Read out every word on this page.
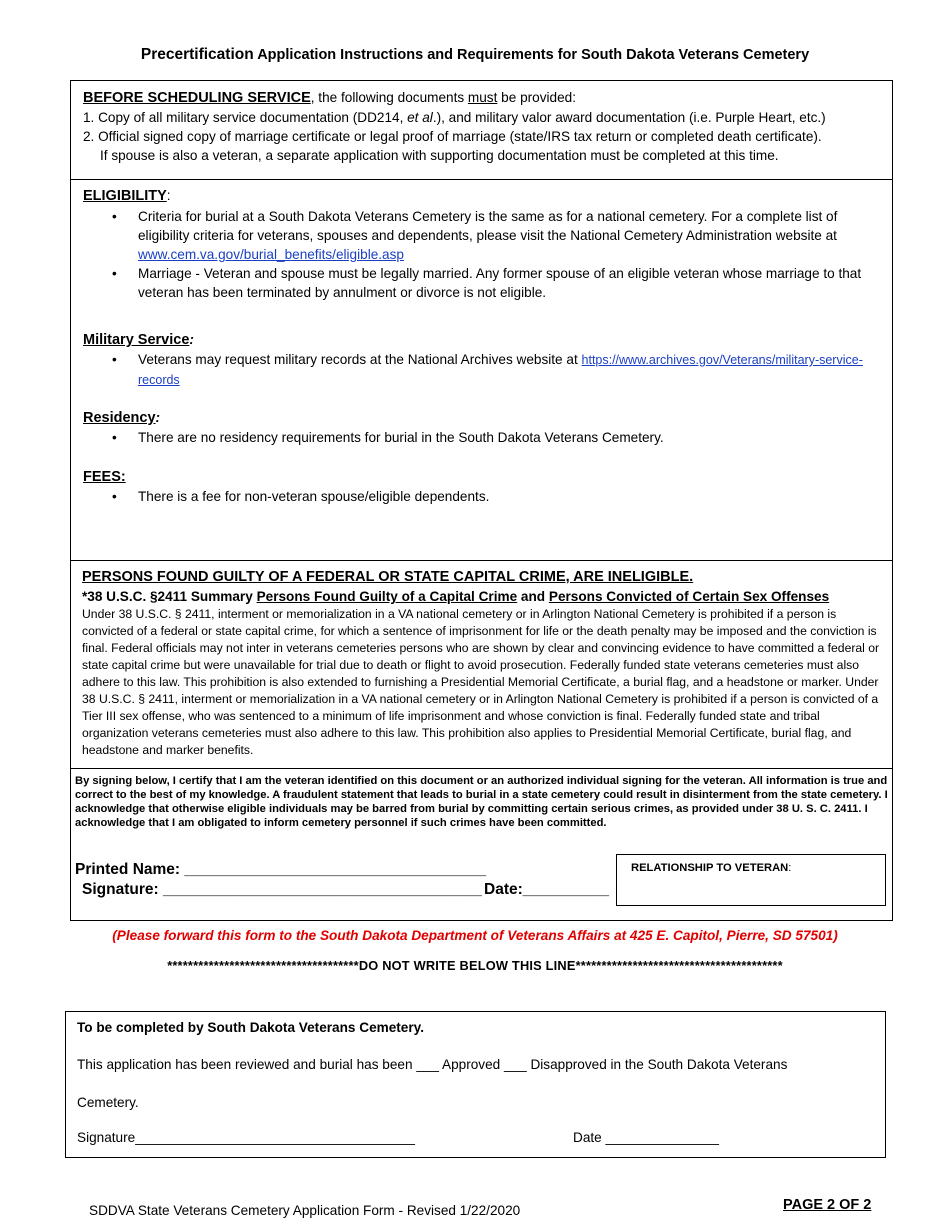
Precertification Application Instructions and Requirements for South Dakota Veterans Cemetery
BEFORE SCHEDULING SERVICE, the following documents must be provided:
1. Copy of all military service documentation (DD214, et al.), and military valor award documentation (i.e. Purple Heart, etc.)
2. Official signed copy of marriage certificate or legal proof of marriage (state/IRS tax return or completed death certificate).
If spouse is also a veteran, a separate application with supporting documentation must be completed at this time.
ELIGIBILITY:
• Criteria for burial at a South Dakota Veterans Cemetery is the same as for a national cemetery. For a complete list of eligibility criteria for veterans, spouses and dependents, please visit the National Cemetery Administration website at
www.cem.va.gov/burial_benefits/eligible.asp
• Marriage - Veteran and spouse must be legally married. Any former spouse of an eligible veteran whose marriage to that veteran has been terminated by annulment or divorce is not eligible.
Military Service:
• Veterans may request military records at the National Archives website at https://www.archives.gov/Veterans/military-service-records
Residency:
• There are no residency requirements for burial in the South Dakota Veterans Cemetery.
FEES:
• There is a fee for non-veteran spouse/eligible dependents.
PERSONS FOUND GUILTY OF A FEDERAL OR STATE CAPITAL CRIME, ARE INELIGIBLE.
*38 U.S.C. §2411 Summary Persons Found Guilty of a Capital Crime and Persons Convicted of Certain Sex Offenses
Under 38 U.S.C. § 2411, interment or memorialization in a VA national cemetery or in Arlington National Cemetery is prohibited if a person is convicted of a federal or state capital crime, for which a sentence of imprisonment for life or the death penalty may be imposed and the conviction is final. Federal officials may not inter in veterans cemeteries persons who are shown by clear and convincing evidence to have committed a federal or state capital crime but were unavailable for trial due to death or flight to avoid prosecution. Federally funded state veterans cemeteries must also adhere to this law. This prohibition is also extended to furnishing a Presidential Memorial Certificate, a burial flag, and a headstone or marker. Under 38 U.S.C. § 2411, interment or memorialization in a VA national cemetery or in Arlington National Cemetery is prohibited if a person is convicted of a Tier III sex offense, who was sentenced to a minimum of life imprisonment and whose conviction is final. Federally funded state and tribal organization veterans cemeteries must also adhere to this law. This prohibition also applies to Presidential Memorial Certificate, burial flag, and headstone and marker benefits.
By signing below, I certify that I am the veteran identified on this document or an authorized individual signing for the veteran. All information is true and correct to the best of my knowledge. A fraudulent statement that leads to burial in a state cemetery could result in disinterment from the state cemetery. I acknowledge that otherwise eligible individuals may be barred from burial by committing certain serious crimes, as provided under 38 U. S. C. 2411. I acknowledge that I am obligated to inform cemetery personnel if such crimes have been committed.
Printed Name: ___________________________________
Signature: _____________________________________ Date:__________
RELATIONSHIP TO VETERAN:
(Please forward this form to the South Dakota Department of Veterans Affairs at 425 E. Capitol, Pierre, SD 57501)
*************************************DO NOT WRITE BELOW THIS LINE****************************************
To be completed by South Dakota Veterans Cemetery.
This application has been reviewed and burial has been ___ Approved ___ Disapproved in the South Dakota Veterans
Cemetery.
Signature_____________________________________	Date _______________
SDDVA State Veterans Cemetery Application Form - Revised 1/22/2020	PAGE 2 OF 2
